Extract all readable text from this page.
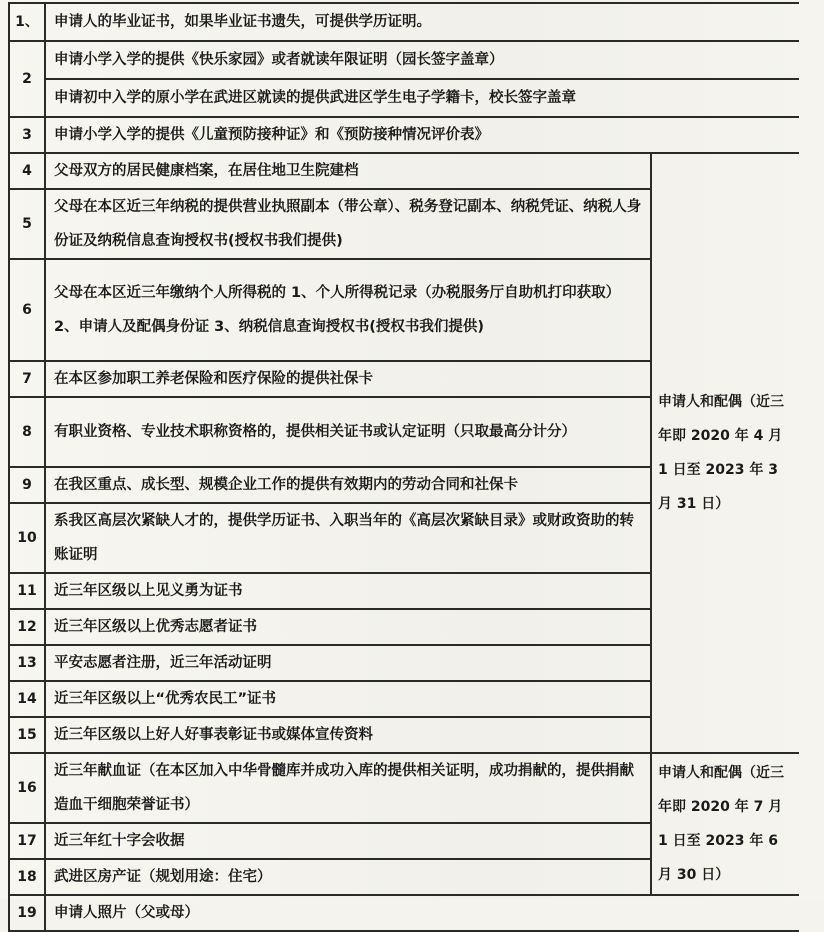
1、	申请人的毕业证书，如果毕业证书遗失，可提供学历证明。	
2	申请小学入学的提供《快乐家园》或者就读年限证明（园长签字盖章）	
	申请初中入学的原小学在武进区就读的提供武进区学生电子学籍卡，校长签字盖章	
3	申请小学入学的提供《儿童预防接种证》和《预防接种情况评价表》	
4	父母双方的居民健康档案，在居住地卫生院建档	申请人和配偶（近三年即 2020 年 4 月 1 日至 2023 年 3 月 31 日）
5	父母在本区近三年纳税的提供营业执照副本（带公章）、税务登记副本、纳税凭证、纳税人身份证及纳税信息查询授权书(授权书我们提供)	
6	父母在本区近三年缴纳个人所得税的 1、个人所得税记录（办税服务厅自助机打印获取）2、申请人及配偶身份证 3、纳税信息查询授权书(授权书我们提供)	
7	在本区参加职工养老保险和医疗保险的提供社保卡	
8	有职业资格、专业技术职称资格的，提供相关证书或认定证明（只取最高分计分）	
9	在我区重点、成长型、规模企业工作的提供有效期内的劳动合同和社保卡	
10	系我区高层次紧缺人才的，提供学历证书、入职当年的《高层次紧缺目录》或财政资助的转账证明	
11	近三年区级以上见义勇为证书	
12	近三年区级以上优秀志愿者证书	
13	平安志愿者注册，近三年活动证明	
14	近三年区级以上“优秀农民工”证书	
15	近三年区级以上好人好事表彰证书或媒体宣传资料	
16	近三年献血证（在本区加入中华骨髓库并成功入库的提供相关证明，成功捐献的，提供捐献造血干细胞荣誉证书）	申请人和配偶（近三年即 2020 年 7 月 1 日至 2023 年 6 月 30 日）
17	近三年红十字会收据	
18	武进区房产证（规划用途：住宅）	
19	申请人照片（父或母）	
